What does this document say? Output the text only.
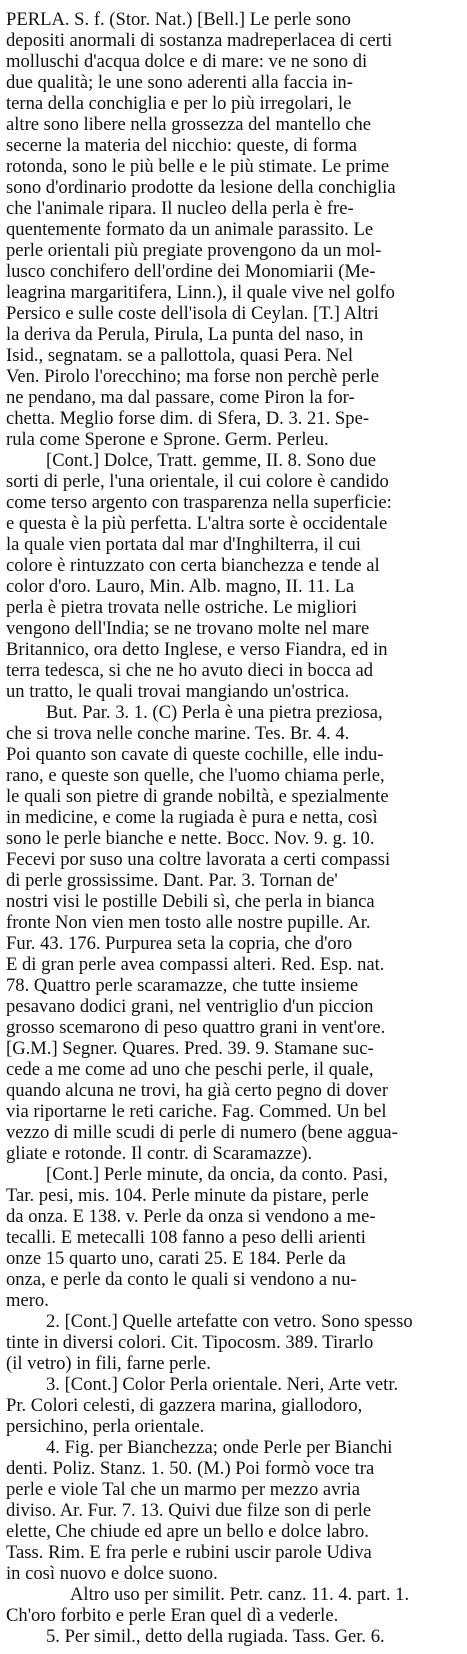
PERLA. S. f. (Stor. Nat.) [Bell.] Le perle sono
depositi anormali di sostanza madreperlacea di certi
molluschi d'acqua dolce e di mare: ve ne sono di
due qualità; le une sono aderenti alla faccia in-
terna della conchiglia e per lo più irregolari, le
altre sono libere nella grossezza del mantello che
secerne la materia del nicchio: queste, di forma
rotonda, sono le più belle e le più stimate. Le prime
sono d'ordinario prodotte da lesione della conchiglia
che l'animale ripara. Il nucleo della perla è fre-
quentemente formato da un animale parassito. Le
perle orientali più pregiate provengono da un mol-
lusco conchifero dell'ordine dei Monomiarii (Me-
leagrina margaritifera, Linn.), il quale vive nel golfo
Persico e sulle coste dell'isola di Ceylan. [T.] Altri
la deriva da Perula, Pirula, La punta del naso, in
Isid., segnatam. se a pallottola, quasi Pera. Nel
Ven. Pirolo l'orecchino; ma forse non perchè perle
ne pendano, ma dal passare, come Piron la for-
chetta. Meglio forse dim. di Sfera, D. 3. 21. Spe-
rula come Sperone e Sprone. Germ. Perleu.
[Cont.] Dolce, Tratt. gemme, II. 8. Sono due
sorti di perle, l'una orientale, il cui colore è candido
come terso argento con trasparenza nella superficie:
e questa è la più perfetta. L'altra sorte è occidentale
la quale vien portata dal mar d'Inghilterra, il cui
colore è rintuzzato con certa bianchezza e tende al
color d'oro. Lauro, Min. Alb. magno, II. 11. La
perla è pietra trovata nelle ostriche. Le migliori
vengono dell'India; se ne trovano molte nel mare
Britannico, ora detto Inglese, e verso Fiandra, ed in
terra tedesca, si che ne ho avuto dieci in bocca ad
un tratto, le quali trovai mangiando un'ostrica.
But. Par. 3. 1. (C) Perla è una pietra preziosa,
che si trova nelle conche marine. Tes. Br. 4. 4.
Poi quanto son cavate di queste cochille, elle indu-
rano, e queste son quelle, che l'uomo chiama perle,
le quali son pietre di grande nobiltà, e spezialmente
in medicine, e come la rugiada è pura e netta, così
sono le perle bianche e nette. Bocc. Nov. 9. g. 10.
Fecevi por suso una coltre lavorata a certi compassi
di perle grossissime. Dant. Par. 3. Tornan de'
nostri visi le postille Debili sì, che perla in bianca
fronte Non vien men tosto alle nostre pupille. Ar.
Fur. 43. 176. Purpurea seta la copria, che d'oro
E di gran perle avea compassi alteri. Red. Esp. nat.
78. Quattro perle scaramazze, che tutte insieme
pesavano dodici grani, nel ventriglio d'un piccion
grosso scemarono di peso quattro grani in vent'ore.
[G.M.] Segner. Quares. Pred. 39. 9. Stamane suc-
cede a me come ad uno che peschi perle, il quale,
quando alcuna ne trovi, ha già certo pegno di dover
via riportarne le reti cariche. Fag. Commed. Un bel
vezzo di mille scudi di perle di numero (bene aggua-
gliate e rotonde. Il contr. di Scaramazze).
[Cont.] Perle minute, da oncia, da conto. Pasi,
Tar. pesi, mis. 104. Perle minute da pistare, perle
da onza. E 138. v. Perle da onza si vendono a me-
tecalli. E metecalli 108 fanno a peso delli arienti
onze 15 quarto uno, carati 25. E 184. Perle da
onza, e perle da conto le quali si vendono a nu-
mero.
2. [Cont.] Quelle artefatte con vetro. Sono spesso
tinte in diversi colori. Cit. Tipocosm. 389. Tirarlo
(il vetro) in fili, farne perle.
3. [Cont.] Color Perla orientale. Neri, Arte vetr.
Pr. Colori celesti, di gazzera marina, giallodoro,
persichino, perla orientale.
4. Fig. per Bianchezza; onde Perle per Bianchi
denti. Poliz. Stanz. 1. 50. (M.) Poi formò voce tra
perle e viole Tal che un marmo per mezzo avria
diviso. Ar. Fur. 7. 13. Quivi due filze son di perle
elette, Che chiude ed apre un bello e dolce labro.
Tass. Rim. E fra perle e rubini uscir parole Udiva
in così nuovo e dolce suono.
Altro uso per similit. Petr. canz. 11. 4. part. 1.
Ch'oro forbito e perle Eran quel dì a vederle.
5. Per simil., detto della rugiada. Tass. Ger. 6.
